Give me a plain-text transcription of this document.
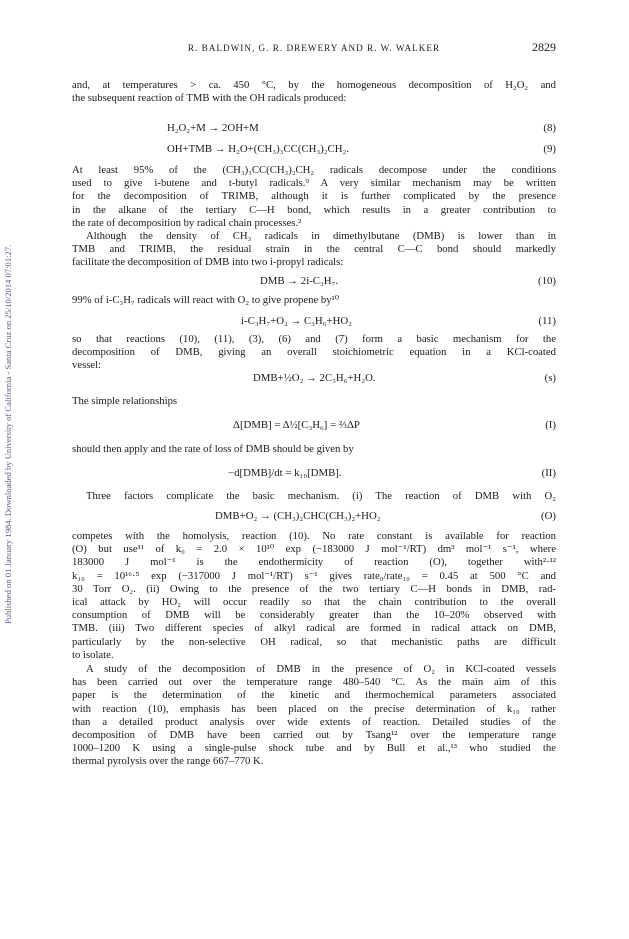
Published on 01 January 1984. Downloaded by University of California - Santa Cruz on 25/10/2014 07:01:27.
R. BALDWIN, G. R. DREWERY AND R. W. WALKER	2829
and, at temperatures > ca. 450 °C, by the homogeneous decomposition of H₂O₂ and
the subsequent reaction of TMB with the OH radicals produced:
H₂O₂+M → 2OH+M	(8)
OH+TMB → H₂O+(CH₃)₃CC(CH₃)₂CH₂.	(9)
At least 95% of the (CH₃)₃CC(CH₃)₂CH₂ radicals decompose under the conditions
used to give i-butene and t-butyl radicals.⁹ A very similar mechanism may be written
for the decomposition of TRIMB, although it is further complicated by the presence
in the alkane of the tertiary C—H bond, which results in a greater contribution to
the rate of decomposition by radical chain processes.²
Although the density of CH₃ radicals in dimethylbutane (DMB) is lower than in
TMB and TRIMB, the residual strain in the central C—C bond should markedly
facilitate the decomposition of DMB into two i-propyl radicals:
DMB → 2i-C₃H₇.	(10)
99% of i-C₃H₇ radicals will react with O₂ to give propene by¹⁰
i-C₃H₇+O₂ → C₃H₆+HO₂	(11)
so that reactions (10), (11), (3), (6) and (7) form a basic mechanism for the
decomposition of DMB, giving an overall stoichiometric equation in a KCl-coated
vessel:
DMB+½O₂ → 2C₃H₆+H₂O.	(s)
The simple relationships
Δ[DMB] = Δ½[C₃H₆] = ⅔ΔP	(I)
should then apply and the rate of loss of DMB should be given by
−d[DMB]/dt = k₁₀[DMB].	(II)
Three factors complicate the basic mechanism. (i) The reaction of DMB with O₂
DMB+O₂ → (CH₃)₂CHC(CH₃)₂+HO₂	(O)
competes with the homolysis, reaction (10). No rate constant is available for reaction
(O) but use¹¹ of k₀ = 2.0 × 10¹⁰ exp (−183000 J mol⁻¹/RT) dm³ mol⁻¹ s⁻¹, where
183000 J mol⁻¹ is the endothermicity of reaction (O), together with²·¹²
k₁₀ = 10¹⁶·⁵ exp (−317000 J mol⁻¹/RT) s⁻¹ gives rate₀/rate₁₀ = 0.45 at 500 °C and
30 Torr O₂. (ii) Owing to the presence of the two tertiary C—H bonds in DMB, rad-
ical attack by HO₂ will occur readily so that the chain contribution to the overall
consumption of DMB will be considerably greater than the 10–20% observed with
TMB. (iii) Two different species of alkyl radical are formed in radical attack on DMB,
particularly by the non-selective OH radical, so that mechanistic paths are difficult
to isolate.
A study of the decomposition of DMB in the presence of O₂ in KCl-coated vessels
has been carried out over the temperature range 480–540 °C. As the main aim of this
paper is the determination of the kinetic and thermochemical parameters associated
with reaction (10), emphasis has been placed on the precise determination of k₁₀ rather
than a detailed product analysis over wide extents of reaction. Detailed studies of the
decomposition of DMB have been carried out by Tsang¹² over the temperature range
1000–1200 K using a single-pulse shock tube and by Bull et al.,¹³ who studied the
thermal pyrolysis over the range 667–770 K.
